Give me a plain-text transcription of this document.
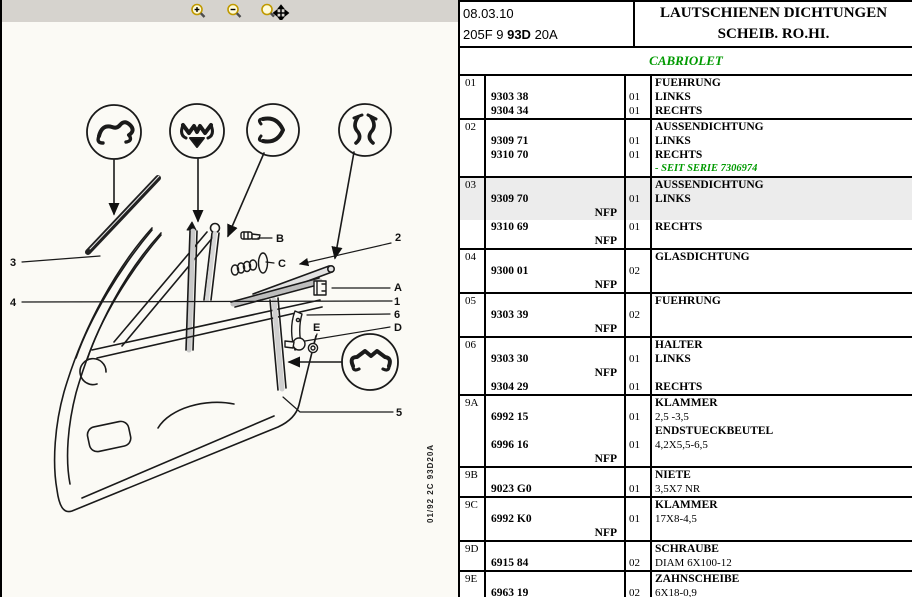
3
4
B
C
2
A
1
6
D
E
5
01/92 2C 93D20A
08.03.10
205F 9 93D 20A
LAUTSCHIENEN DICHTUNGEN
SCHEIB. RO.HI.
CABRIOLET
01	FUEHRUNG
9303 38	01	LINKS
9304 34	01	RECHTS
02	AUSSENDICHTUNG
9309 71	01	LINKS
9310 70	01	RECHTS
- SEIT SERIE 7306974
03	AUSSENDICHTUNG
9309 70	01	LINKS
NFP
9310 69	01	RECHTS
NFP
04	GLASDICHTUNG
9300 01	02
NFP
05	FUEHRUNG
9303 39	02
NFP
06	HALTER
9303 30	01	LINKS
NFP
9304 29	01	RECHTS
9A	KLAMMER
6992 15	01	2,5 -3,5
ENDSTUECKBEUTEL
6996 16	01	4,2X5,5-6,5
NFP
9B	NIETE
9023 G0	01	3,5X7 NR
9C	KLAMMER
6992 K0	01	17X8-4,5
NFP
9D	SCHRAUBE
6915 84	02	DIAM 6X100-12
9E	ZAHNSCHEIBE
6963 19	02	6X18-0,9
